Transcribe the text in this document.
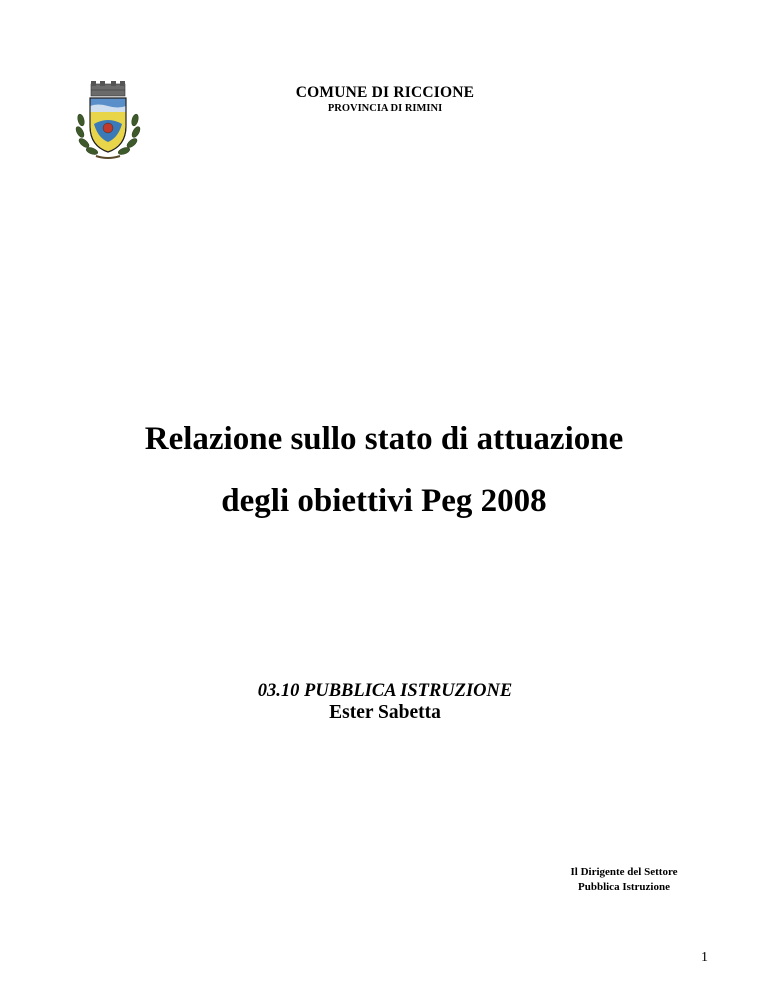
COMUNE DI RICCIONE
PROVINCIA DI RIMINI
Relazione sullo stato di attuazione
degli obiettivi Peg 2008
03.10 PUBBLICA ISTRUZIONE
Ester Sabetta
Il Dirigente del Settore
Pubblica Istruzione
1
